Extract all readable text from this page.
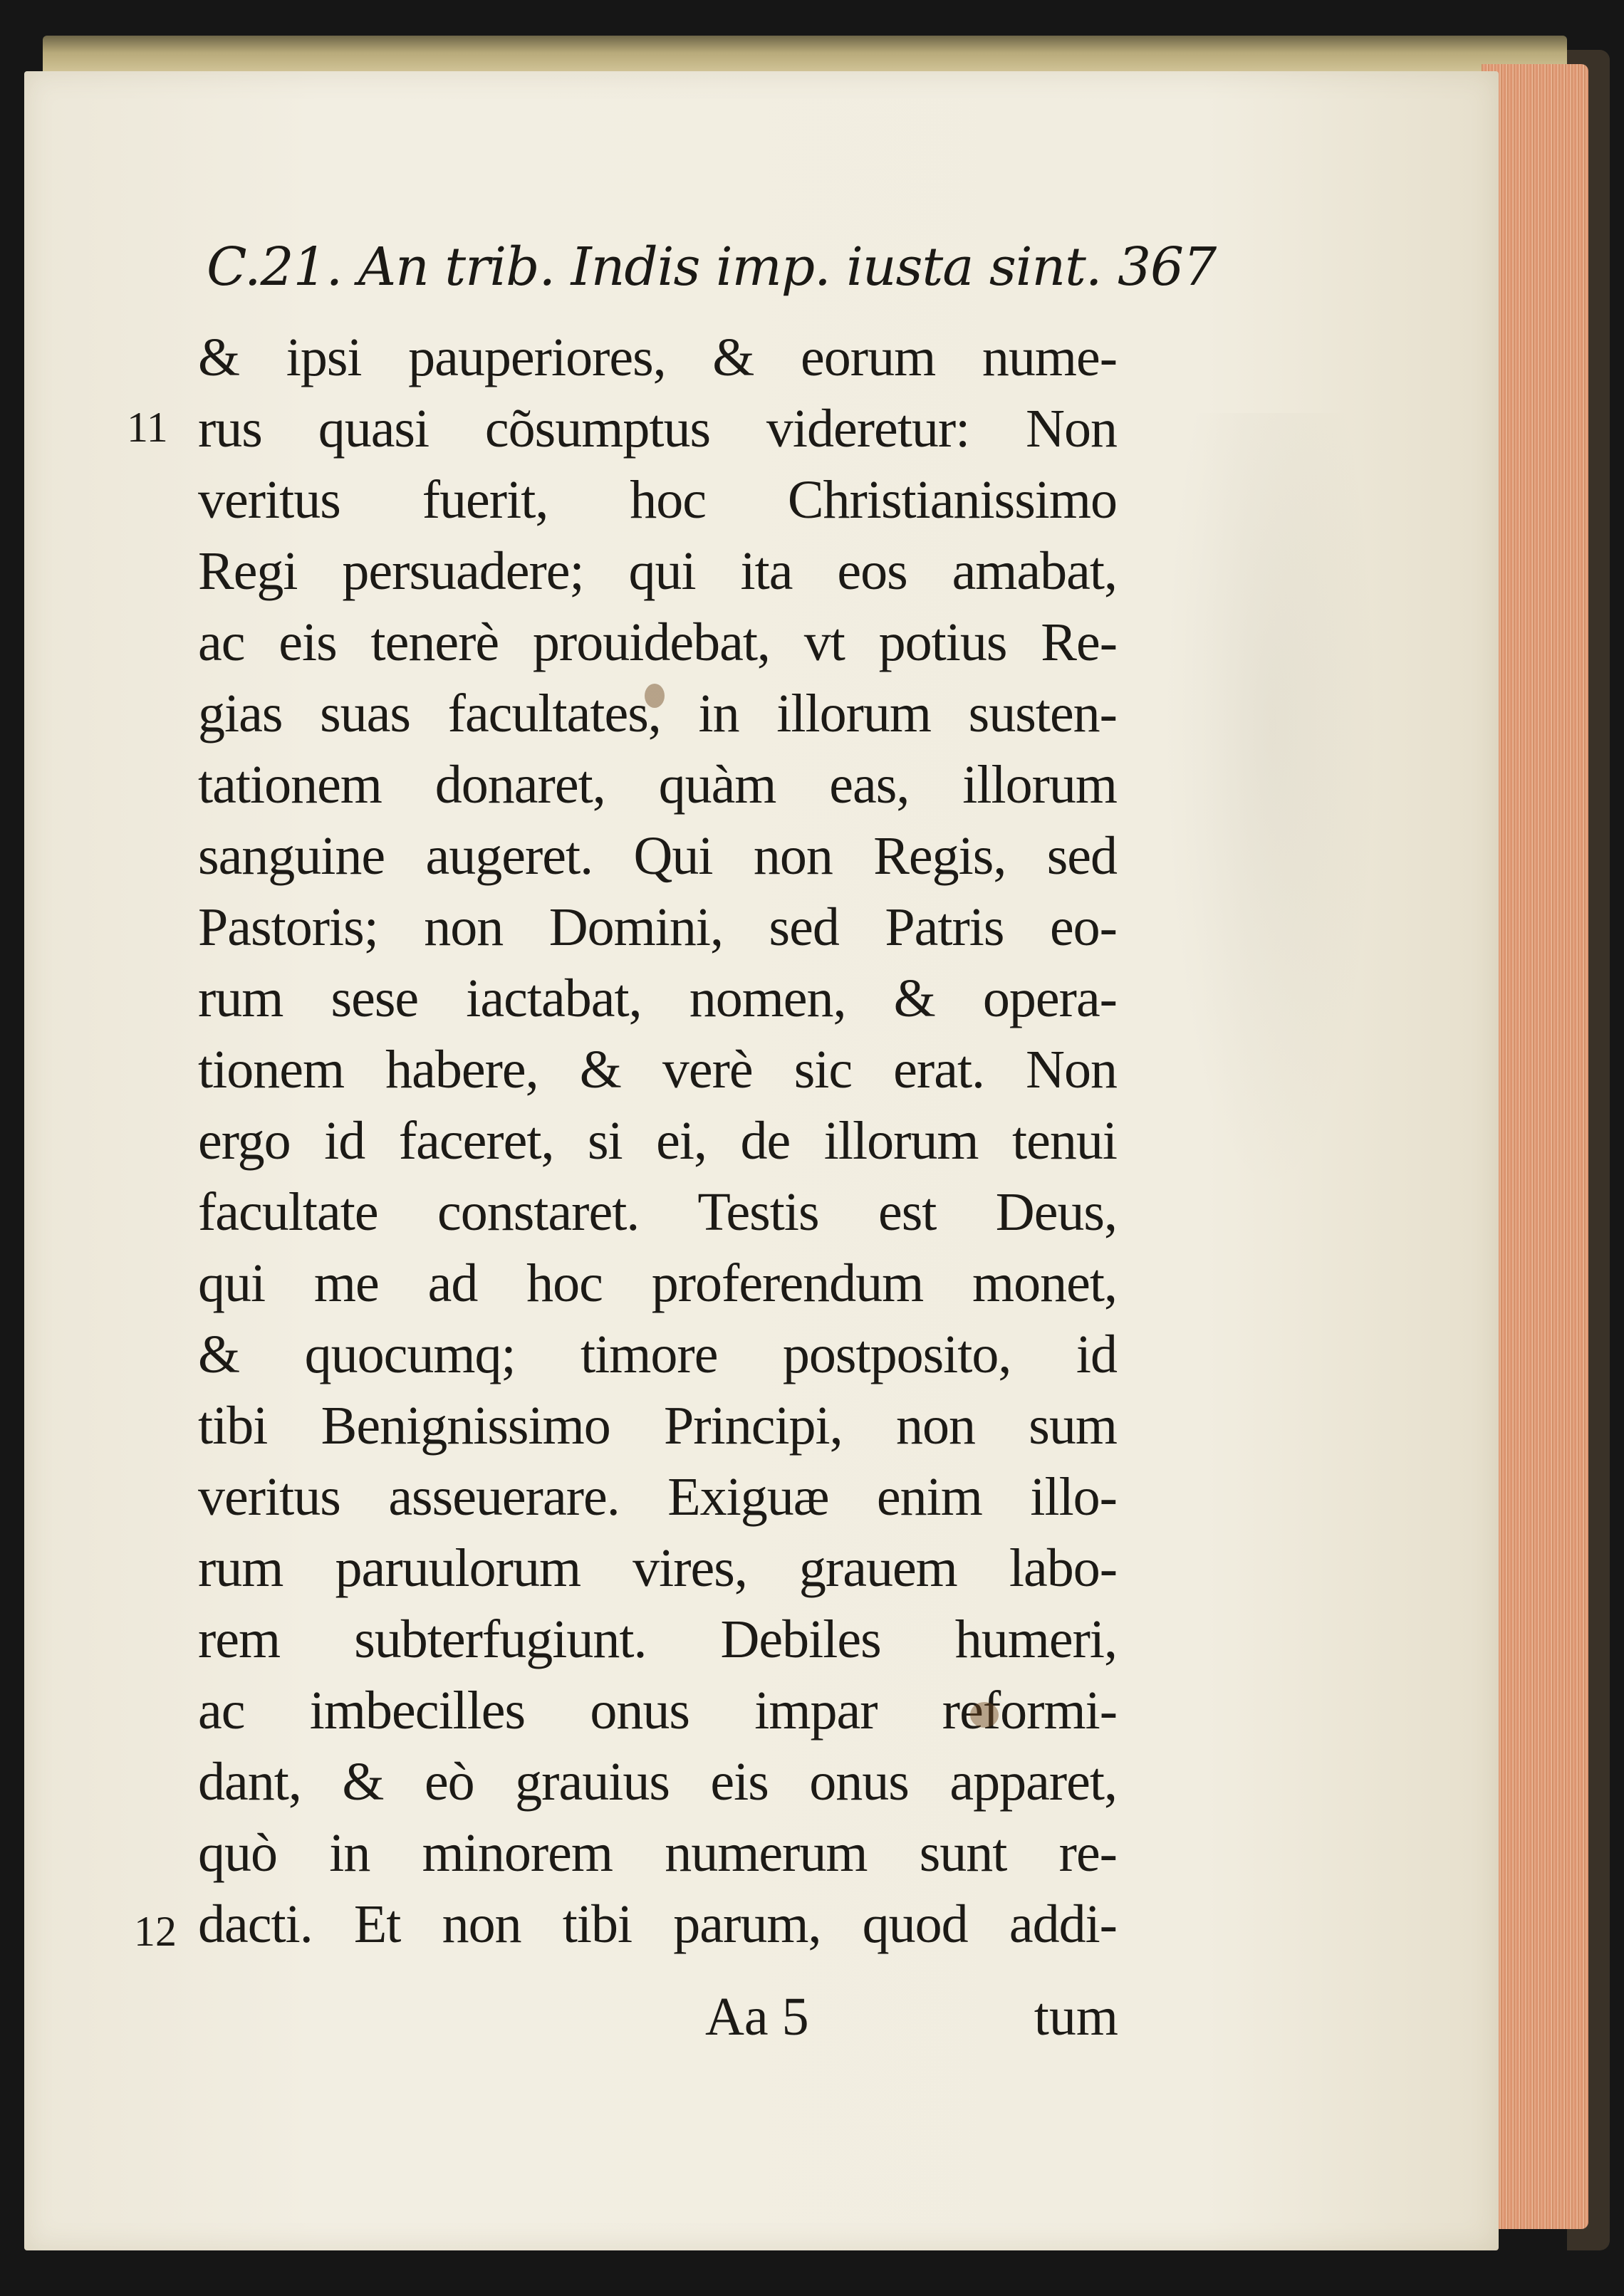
C.21. An trib. Indis imp. iusta sint. 367
11
12
& ipsi pauperiores, & eorum nume-
rus quasi cõsumptus videretur: Non
veritus fuerit, hoc Christianissimo
Regi persuadere; qui ita eos amabat,
ac eis tenerè prouidebat, vt potius Re-
gias suas facultates, in illorum susten-
tationem donaret, quàm eas, illorum
sanguine augeret. Qui non Regis, sed
Pastoris; non Domini, sed Patris eo-
rum sese iactabat, nomen, & opera-
tionem habere, & verè sic erat. Non
ergo id faceret, si ei, de illorum tenui
facultate constaret. Testis est Deus,
qui me ad hoc proferendum monet,
& quocumq; timore postposito, id
tibi Benignissimo Principi, non sum
veritus asseuerare. Exiguæ enim illo-
rum paruulorum vires, grauem labo-
rem subterfugiunt. Debiles humeri,
ac imbecilles onus impar reformi-
dant, & eò grauius eis onus apparet,
quò in minorem numerum sunt re-
dacti. Et non tibi parum, quod addi-
Aa 5	tum
